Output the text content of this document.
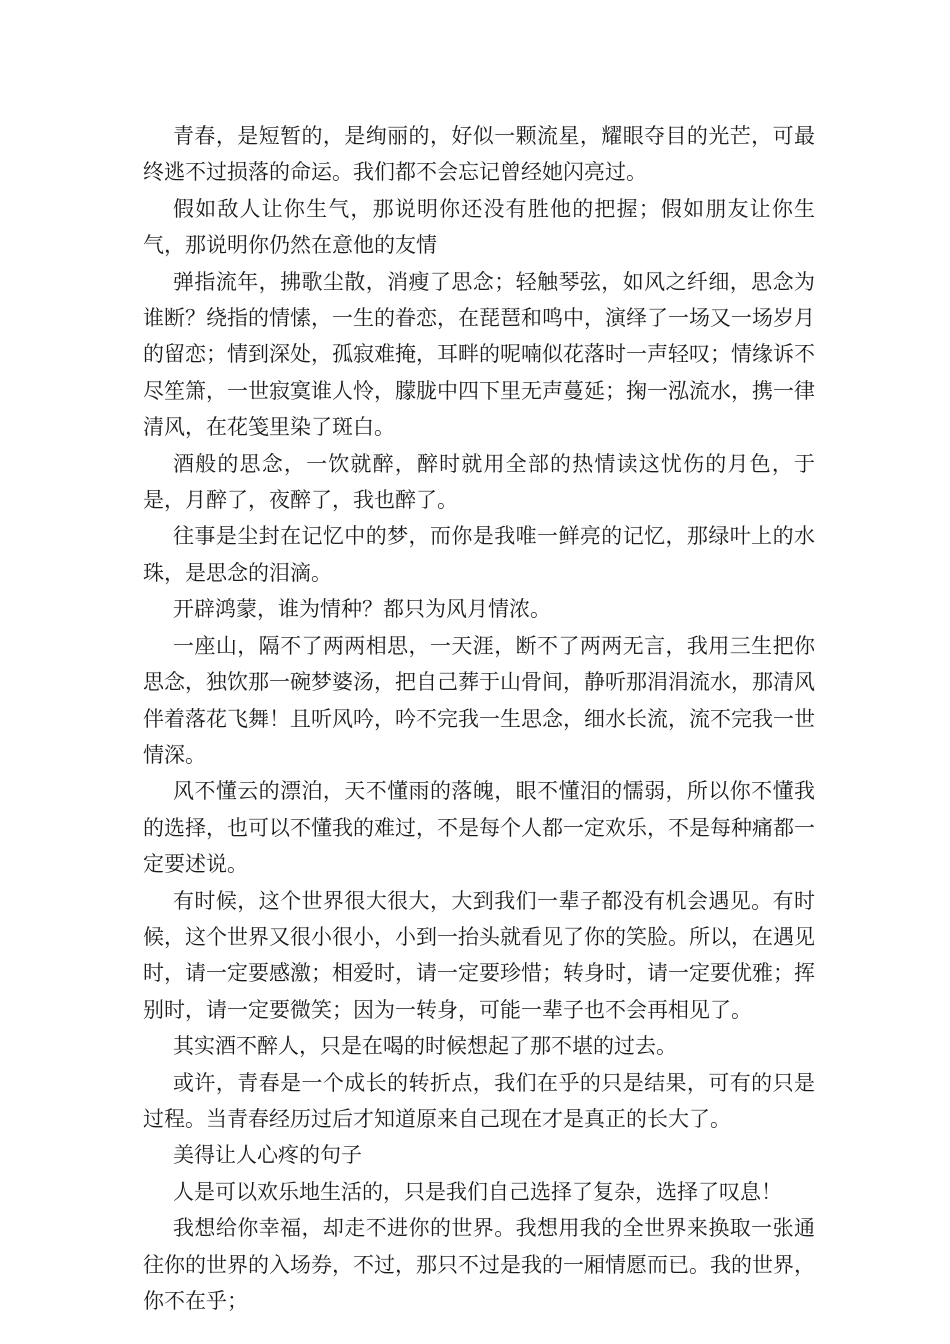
青春，是短暂的，是绚丽的，好似一颗流星，耀眼夺目的光芒，可最终逃不过损落的命运。我们都不会忘记曾经她闪亮过。

假如敌人让你生气，那说明你还没有胜他的把握；假如朋友让你生气，那说明你仍然在意他的友情

弹指流年，拂歌尘散，消瘦了思念；轻触琴弦，如风之纤细，思念为谁断？绕指的情愫，一生的眷恋，在琵琶和鸣中，演绎了一场又一场岁月的留恋；情到深处，孤寂难掩，耳畔的呢喃似花落时一声轻叹；情缘诉不尽笙箫，一世寂寞谁人怜，朦胧中四下里无声蔓延；掬一泓流水，携一律清风，在花笺里染了斑白。

酒般的思念，一饮就醉，醉时就用全部的热情读这忧伤的月色，于是，月醉了，夜醉了，我也醉了。

往事是尘封在记忆中的梦，而你是我唯一鲜亮的记忆，那绿叶上的水珠，是思念的泪滴。

开辟鸿蒙，谁为情种？都只为风月情浓。

一座山，隔不了两两相思，一天涯，断不了两两无言，我用三生把你思念，独饮那一碗梦婆汤，把自己葬于山骨间，静听那涓涓流水，那清风伴着落花飞舞！且听风吟，吟不完我一生思念，细水长流，流不完我一世情深。

风不懂云的漂泊，天不懂雨的落魄，眼不懂泪的懦弱，所以你不懂我的选择，也可以不懂我的难过，不是每个人都一定欢乐，不是每种痛都一定要述说。

有时候，这个世界很大很大，大到我们一辈子都没有机会遇见。有时候，这个世界又很小很小，小到一抬头就看见了你的笑脸。所以，在遇见时，请一定要感激；相爱时，请一定要珍惜；转身时，请一定要优雅；挥别时，请一定要微笑；因为一转身，可能一辈子也不会再相见了。

其实酒不醉人，只是在喝的时候想起了那不堪的过去。

或许，青春是一个成长的转折点，我们在乎的只是结果，可有的只是过程。当青春经历过后才知道原来自己现在才是真正的长大了。

美得让人心疼的句子

人是可以欢乐地生活的，只是我们自己选择了复杂，选择了叹息！

我想给你幸福，却走不进你的世界。我想用我的全世界来换取一张通往你的世界的入场券，不过，那只不过是我的一厢情愿而已。我的世界，你不在乎；
